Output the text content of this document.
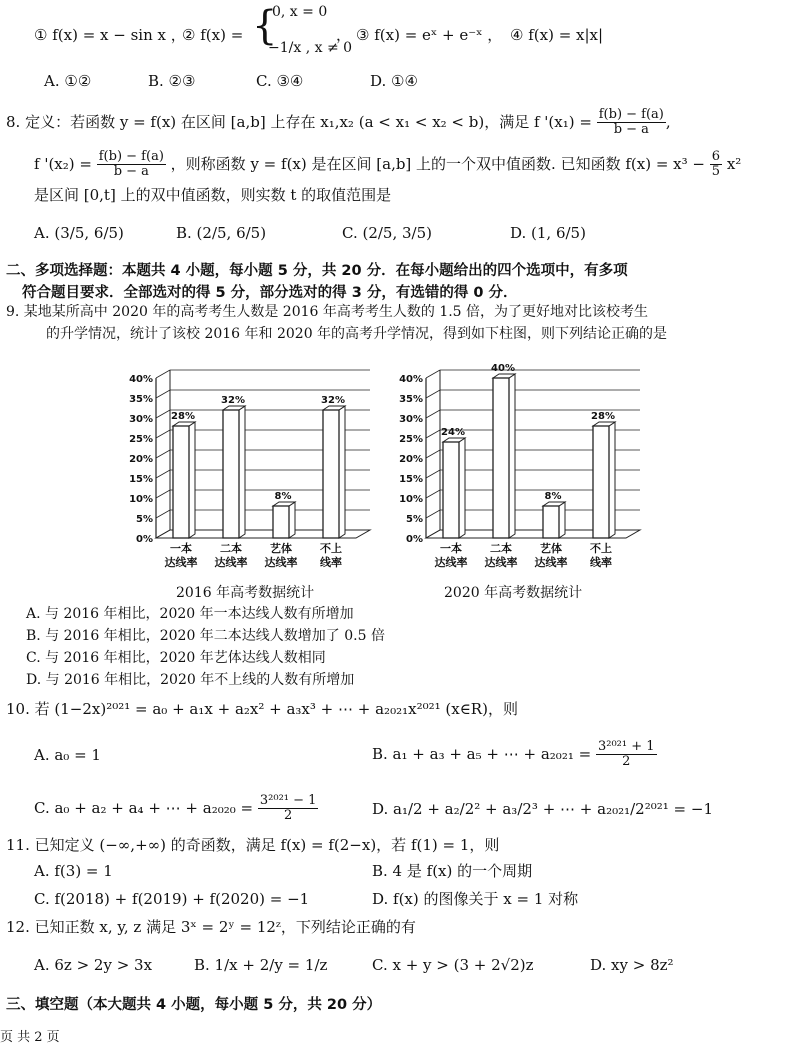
① f(x) = x − sin x ，
② f(x) = {
0, x = 0
−1/x , x ≠ 0
， ③ f(x) = eˣ + e⁻ˣ ， ④ f(x) = x|x|
A. ①②	B. ②③	C. ③④	D. ①④
8. 定义：若函数 y = f(x) 在区间 [a,b] 上存在 x₁,x₂ (a < x₁ < x₂ < b)，满足 f '$(x_1) = \frac{f(b) - f(a)}{b - a}$ ,
f '$(x_2) = \frac{f(b) - f(a)}{b - a}$ ，则称函数 y = f(x) 是在区间 [a,b] 上的一个双中值函数. 已知函数 $f(x) = x^3 - \frac{6}{5} x^2$
是区间 [0,t] 上的双中值函数，则实数 t 的取值范围是
A. (3/5, 6/5)	B. (2/5, 6/5)	C. (2/5, 3/5)	D. (1, 6/5)
二、多项选择题：本题共 4 小题，每小题 5 分，共 20 分．在每小题给出的四个选项中，有多项
符合题目要求．全部选对的得 5 分，部分选对的得 3 分，有选错的得 0 分．
9. 某地某所高中 2020 年的高考考生人数是 2016 年高考考生人数的 1.5 倍，为了更好地对比该校考生
的升学情况，统计了该校 2016 年和 2020 年的高考升学情况，得到如下柱图，则下列结论正确的是
0%
5%
10%
15%
20%
25%
30%
35%
40%
28%
一本
达线率
32%
二本
达线率
8%
艺体
达线率
32%
不上
线率
0%
5%
10%
15%
20%
25%
30%
35%
40%
24%
一本
达线率
40%
二本
达线率
8%
艺体
达线率
28%
不上
线率
2016 年高考数据统计	2020 年高考数据统计
A. 与 2016 年相比，2020 年一本达线人数有所增加
B. 与 2016 年相比，2020 年二本达线人数增加了 0.5 倍
C. 与 2016 年相比，2020 年艺体达线人数相同
D. 与 2016 年相比，2020 年不上线的人数有所增加
10. 若 (1−2x)²⁰²¹ = a₀ + a₁x + a₂x² + a₃x³ + ⋯ + a₂₀₂₁x²⁰²¹ (x∈R)，则
A. a₀ = 1	B. a₁ + a₃ + a₅ + ⋯ + $a_{2021} = \frac{\text{3²⁰²¹ + 1}}{2}$
C. a₀ + a₂ + a₄ + ⋯ + $a_{2020} = \frac{\text{3²⁰²¹ − 1}}{2}$	D. a₁/2 + a₂/2² + a₃/2³ + ⋯ + a₂₀₂₁/2²⁰²¹ = −1
11. 已知定义 (−∞,+∞) 的奇函数，满足 f(x) = f(2−x)，若 f(1) = 1，则
A. f(3) = 1	B. 4 是 f(x) 的一个周期
C. f(2018) + f(2019) + f(2020) = −1	D. f(x) 的图像关于 x = 1 对称
12. 已知正数 x, y, z 满足 3ˣ = 2ʸ = 12ᶻ，下列结论正确的有
A. 6z > 2y > 3x	B. 1/x + 2/y = 1/z	C. x + y > (3 + 2√2)z	D. xy > 8z²
三、填空题（本大题共 4 小题，每小题 5 分，共 20 分）
页 共 2 页
